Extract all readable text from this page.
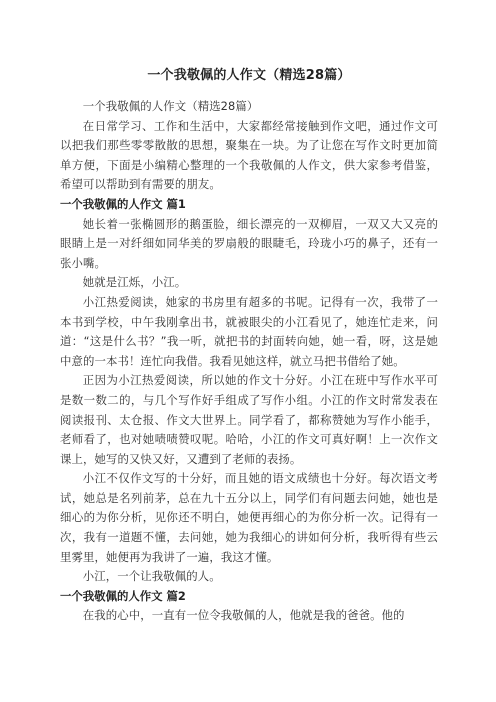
一个我敬佩的人作文（精选28篇）

一个我敬佩的人作文（精选28篇）

在日常学习、工作和生活中，大家都经常接触到作文吧，通过作文可以把我们那些零零散散的思想，聚集在一块。为了让您在写作文时更加简单方便，下面是小编精心整理的一个我敬佩的人作文，供大家参考借鉴，希望可以帮助到有需要的朋友。

一个我敬佩的人作文 篇1

她长着一张椭圆形的鹅蛋脸，细长漂亮的一双柳眉，一双又大又亮的眼睛上是一对纤细如同华美的罗扇般的眼睫毛，玲珑小巧的鼻子，还有一张小嘴。

她就是江烁，小江。

小江热爱阅读，她家的书房里有超多的书呢。记得有一次，我带了一本书到学校，中午我刚拿出书，就被眼尖的小江看见了，她连忙走来，问道：“这是什么书？”我一听，就把书的封面转向她，她一看，呀，这是她中意的一本书！连忙向我借。我看见她这样，就立马把书借给了她。

正因为小江热爱阅读，所以她的作文十分好。小江在班中写作水平可是数一数二的，与几个写作好手组成了写作小组。小江的作文时常发表在阅读报刊、太仓报、作文大世界上。同学看了，都称赞她为写作小能手，老师看了，也对她啧啧赞叹呢。哈哈，小江的作文可真好啊！上一次作文课上，她写的又快又好，又遭到了老师的表扬。

小江不仅作文写的十分好，而且她的语文成绩也十分好。每次语文考试，她总是名列前茅，总在九十五分以上，同学们有问题去问她，她也是细心的为你分析，见你还不明白，她便再细心的为你分析一次。记得有一次，我有一道题不懂，去问她，她为我细心的讲如何分析，我听得有些云里雾里，她便再为我讲了一遍，我这才懂。

小江，一个让我敬佩的人。

一个我敬佩的人作文 篇2

在我的心中，一直有一位令我敬佩的人，他就是我的爸爸。他的
